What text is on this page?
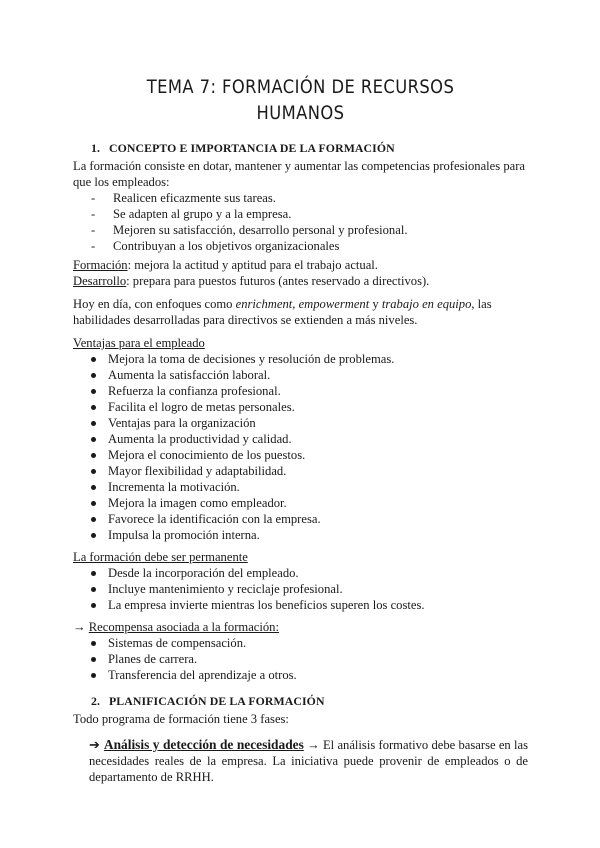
TEMA 7: FORMACIÓN DE RECURSOS HUMANOS
1. CONCEPTO E IMPORTANCIA DE LA FORMACIÓN

La formación consiste en dotar, mantener y aumentar las competencias profesionales para que los empleados:

- Realicen eficazmente sus tareas.
- Se adapten al grupo y a la empresa.
- Mejoren su satisfacción, desarrollo personal y profesional.
- Contribuyan a los objetivos organizacionales

Formación: mejora la actitud y aptitud para el trabajo actual.

Desarrollo: prepara para puestos futuros (antes reservado a directivos).

Hoy en día, con enfoques como enrichment, empowerment y trabajo en equipo, las habilidades desarrolladas para directivos se extienden a más niveles.

Ventajas para el empleado

Mejora la toma de decisiones y resolución de problemas.
Aumenta la satisfacción laboral.
Refuerza la confianza profesional.
Facilita el logro de metas personales.
Ventajas para la organización
Aumenta la productividad y calidad.
Mejora el conocimiento de los puestos.
Mayor flexibilidad y adaptabilidad.
Incrementa la motivación.
Mejora la imagen como empleador.
Favorece la identificación con la empresa.
Impulsa la promoción interna.

La formación debe ser permanente

Desde la incorporación del empleado.
Incluye mantenimiento y reciclaje profesional.
La empresa invierte mientras los beneficios superen los costes.

→ Recompensa asociada a la formación:

Sistemas de compensación.
Planes de carrera.
Transferencia del aprendizaje a otros.
2. PLANIFICACIÓN DE LA FORMACIÓN

Todo programa de formación tiene 3 fases:

➔ Análisis y detección de necesidades → El análisis formativo debe basarse en las necesidades reales de la empresa. La iniciativa puede provenir de empleados o de departamento de RRHH.
